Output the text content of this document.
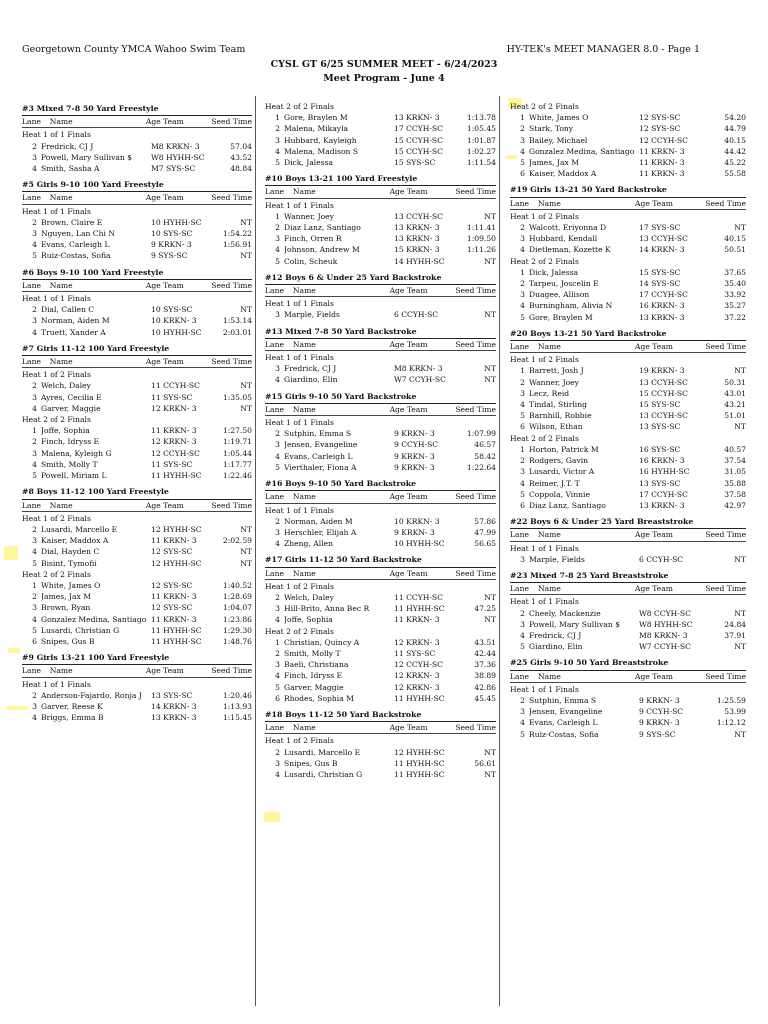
Georgetown County YMCA Wahoo Swim Team	HY-TEK's MEET MANAGER 8.0 - Page 1
CYSL GT 6/25 SUMMER MEET - 6/24/2023
Meet Program - June 4
#3 Mixed 7-8 50 Yard Freestyle
Lane	Name	Age Team	Seed Time
Heat 1 of 1 Finals
2 Fredrick, CJ J	M8 KRKN- 3	57.04
3 Powell, Mary Sullivan $	W8 HYHH-SC	43.52
4 Smith, Sasha A	M7 SYS-SC	48.84
#5 Girls 9-10 100 Yard Freestyle
Lane	Name	Age Team	Seed Time
Heat 1 of 1 Finals
2 Brown, Claire E	10 HYHH-SC	NT
3 Nguyen, Lan Chi N	10 SYS-SC	1:54.22
4 Evans, Carleigh L	9 KRKN- 3	1:56.91
5 Ruiz-Costas, Sofia	9 SYS-SC	NT
#6 Boys 9-10 100 Yard Freestyle
Lane	Name	Age Team	Seed Time
Heat 1 of 1 Finals
2 Dial, Callen C	10 SYS-SC	NT
3 Norman, Aiden M	10 KRKN- 3	1:53.14
4 Truett, Xander A	10 HYHH-SC	2:03.01
#7 Girls 11-12 100 Yard Freestyle
Lane	Name	Age Team	Seed Time
Heat 1 of 2 Finals
2 Welch, Daley	11 CCYH-SC	NT
3 Ayres, Cecilia E	11 SYS-SC	1:35.05
4 Garver, Maggie	12 KRKN- 3	NT
Heat 2 of 2 Finals
1 Joffe, Sophia	11 KRKN- 3	1:27.50
2 Finch, Idryss E	12 KRKN- 3	1:19.71
3 Malena, Kyleigh G	12 CCYH-SC	1:05.44
4 Smith, Molly T	11 SYS-SC	1:17.77
5 Powell, Miriam L	11 HYHH-SC	1:22.46
#8 Boys 11-12 100 Yard Freestyle
Lane	Name	Age Team	Seed Time
Heat 1 of 2 Finals
2 Lusardi, Marcello E	12 HYHH-SC	NT
3 Kaiser, Maddox A	11 KRKN- 3	2:02.59
4 Dial, Hayden C	12 SYS-SC	NT
5 Bisint, Tymofii	12 HYHH-SC	NT
Heat 2 of 2 Finals
1 White, James O	12 SYS-SC	1:40.52
2 James, Jax M	11 KRKN- 3	1:28.69
3 Brown, Ryan	12 SYS-SC	1:04.07
4 Gonzalez Medina, Santiago 11 KRKN- 3	1:23.86
5 Lusardi, Christian G	11 HYHH-SC	1:29.30
6 Snipes, Gus B	11 HYHH-SC	1:48.76
#9 Girls 13-21 100 Yard Freestyle
Lane	Name	Age Team	Seed Time
Heat 1 of 1 Finals
2 Anderson-Fajardo, Ronja J	13 SYS-SC	1:20.46
3 Garver, Reese K	14 KRKN- 3	1:13.93
4 Briggs, Emma B	13 KRKN- 3	1:15.45
Heat 2 of 2 Finals
1 Gore, Braylen M	13 KRKN- 3	1:13.78
2 Malena, Mikayla	17 CCYH-SC	1:05.45
3 Hubbard, Kayleigh	15 CCYH-SC	1:01.87
4 Malena, Madison S	15 CCYH-SC	1:02.27
5 Dick, Jalessa	15 SYS-SC	1:11.54
#10 Boys 13-21 100 Yard Freestyle
Lane	Name	Age Team	Seed Time
Heat 1 of 1 Finals
1 Wanner, Joey	13 CCYH-SC	NT
2 Diaz Lanz, Santiago	13 KRKN- 3	1:11.41
3 Finch, Orren R	13 KRKN- 3	1:09.50
4 Johnson, Andrew M	15 KRKN- 3	1:11.26
5 Colin, Scheuk	14 HYHH-SC	NT
#12 Boys 6 & Under 25 Yard Backstroke
Lane	Name	Age Team	Seed Time
Heat 1 of 1 Finals
3 Marple, Fields	6 CCYH-SC	NT
#13 Mixed 7-8 50 Yard Backstroke
Lane	Name	Age Team	Seed Time
Heat 1 of 1 Finals
3 Fredrick, CJ J	M8 KRKN- 3	NT
4 Giardino, Elin	W7 CCYH-SC	NT
#15 Girls 9-10 50 Yard Backstroke
Lane	Name	Age Team	Seed Time
Heat 1 of 1 Finals
2 Sutphin, Emma S	9 KRKN- 3	1:07.99
3 Jensen, Evangeline	9 CCYH-SC	46.57
4 Evans, Carleigh L	9 KRKN- 3	58.42
5 Vierthaler, Fiona A	9 KRKN- 3	1:22.64
#16 Boys 9-10 50 Yard Backstroke
Lane	Name	Age Team	Seed Time
Heat 1 of 1 Finals
2 Norman, Aiden M	10 KRKN- 3	57.86
3 Herschler, Elijah A	9 KRKN- 3	47.99
4 Zheng, Allen	10 HYHH-SC	56.65
#17 Girls 11-12 50 Yard Backstroke
Lane	Name	Age Team	Seed Time
Heat 1 of 2 Finals
2 Welch, Daley	11 CCYH-SC	NT
3 Hill-Brito, Anna Bec R	11 HYHH-SC	47.25
4 Joffe, Sophia	11 KRKN- 3	NT
Heat 2 of 2 Finals
1 Christian, Quincy A	12 KRKN- 3	43.51
2 Smith, Molly T	11 SYS-SC	42.44
3 Baeli, Christiana	12 CCYH-SC	37.36
4 Finch, Idryss E	12 KRKN- 3	38.89
5 Garver, Maggie	12 KRKN- 3	42.86
6 Rhodes, Sophia M	11 HYHH-SC	45.45
#18 Boys 11-12 50 Yard Backstroke
Lane	Name	Age Team	Seed Time
Heat 1 of 2 Finals
2 Lusardi, Marcello E	12 HYHH-SC	NT
3 Snipes, Gus B	11 HYHH-SC	56.61
4 Lusardi, Christian G	11 HYHH-SC	NT
Heat 2 of 2 Finals
1 White, James O	12 SYS-SC	54.20
2 Stark, Tony	12 SYS-SC	44.79
3 Bailey, Michael	12 CCYH-SC	40.15
4 Gonzalez Medina, Santiago 11 KRKN- 3	44.42
5 James, Jax M	11 KRKN- 3	45.22
6 Kaiser, Maddox A	11 KRKN- 3	55.58
#19 Girls 13-21 50 Yard Backstroke
Lane	Name	Age Team	Seed Time
Heat 1 of 2 Finals
2 Walcott, Eriyonna D	17 SYS-SC	NT
3 Hubbard, Kendall	13 CCYH-SC	40.15
4 Dietleman, Kozette K	14 KRKN- 3	50.51
Heat 2 of 2 Finals
1 Dick, Jalessa	15 SYS-SC	37.65
2 Tarpeu, Joscelin E	14 SYS-SC	35.40
3 Duagee, Allison	17 CCYH-SC	33.92
4 Burningham, Alivia N	16 KRKN- 3	35.27
5 Gore, Braylen M	13 KRKN- 3	37.22
#20 Boys 13-21 50 Yard Backstroke
Lane	Name	Age Team	Seed Time
Heat 1 of 2 Finals
1 Barrett, Josh J	19 KRKN- 3	NT
2 Wanner, Joey	13 CCYH-SC	50.31
3 Lecz, Reid	15 CCYH-SC	43.01
4 Tindal, Stirling	15 SYS-SC	43.21
5 Barnhill, Robbie	13 CCYH-SC	51.01
6 Wilson, Ethan	13 SYS-SC	NT
Heat 2 of 2 Finals
1 Horton, Patrick M	16 SYS-SC	40.57
2 Rodgers, Gavin	16 KRKN- 3	37.54
3 Lusardi, Victor A	16 HYHH-SC	31.05
4 Reimer, J.T. T	13 SYS-SC	35.88
5 Coppola, Vinnie	17 CCYH-SC	37.58
6 Diaz Lanz, Santiago	13 KRKN- 3	42.97
#22 Boys 6 & Under 25 Yard Breaststroke
Lane	Name	Age Team	Seed Time
Heat 1 of 1 Finals
3 Marple, Fields	6 CCYH-SC	NT
#23 Mixed 7-8 25 Yard Breaststroke
Lane	Name	Age Team	Seed Time
Heat 1 of 1 Finals
2 Cheely, Mackenzie	W8 CCYH-SC	NT
3 Powell, Mary Sullivan $	W8 HYHH-SC	24.84
4 Fredrick, CJ J	M8 KRKN- 3	37.91
5 Giardino, Elin	W7 CCYH-SC	NT
#25 Girls 9-10 50 Yard Breaststroke
Lane	Name	Age Team	Seed Time
Heat 1 of 1 Finals
2 Sutphin, Emma S	9 KRKN- 3	1:25.59
3 Jensen, Evangeline	9 CCYH-SC	53.99
4 Evans, Carleigh L	9 KRKN- 3	1:12.12
5 Ruiz-Costas, Sofia	9 SYS-SC	NT
